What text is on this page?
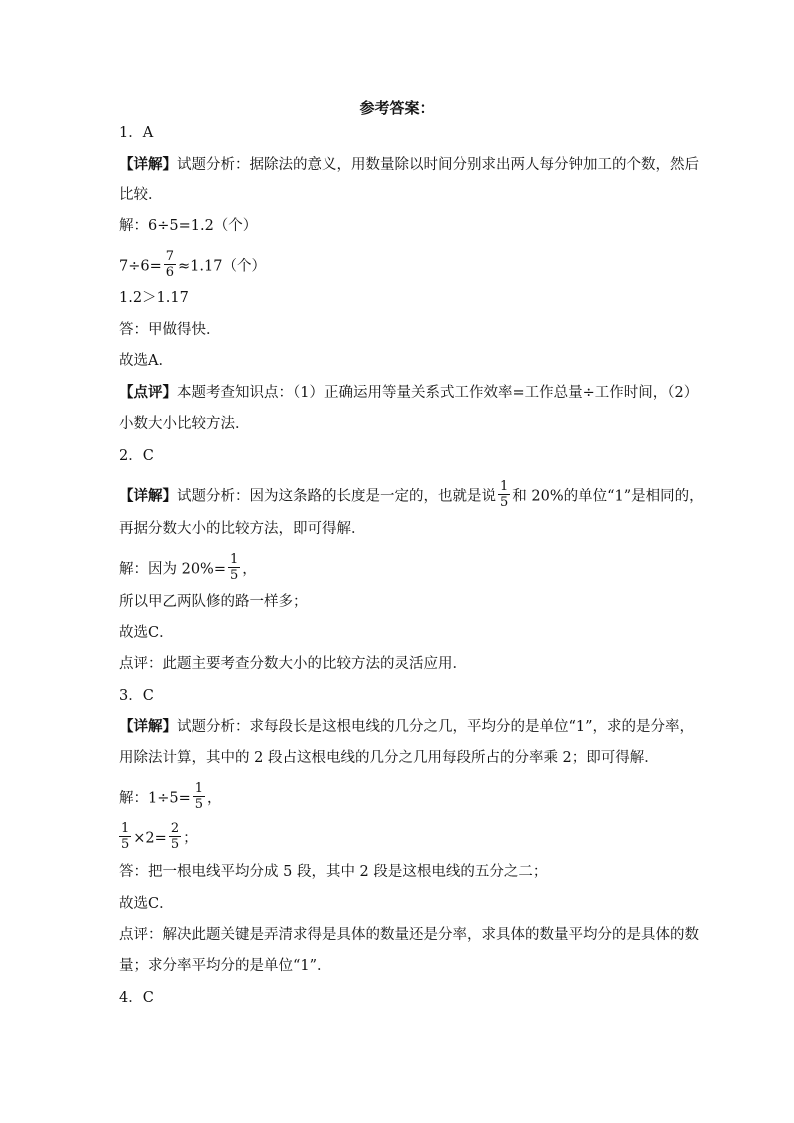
参考答案：
1．A
【详解】试题分析：据除法的意义，用数量除以时间分别求出两人每分钟加工的个数，然后
比较．
解：6÷5=1.2（个）
$7\div 6= \frac{7}{6} \approx 1.17$（个）
1.2＞1.17
答：甲做得快．
故选A．
【点评】本题考查知识点：（1）正确运用等量关系式工作效率=工作总量÷工作时间，（2）
小数大小比较方法．
2．C
【详解】试题分析：因为这条路的长度是一定的，也就是说 $\frac{1}{5}$ 和 20%的单位“1”是相同的，
再据分数大小的比较方法，即可得解．
解：因为 $20\%= \frac{1}{5}$ ，
所以甲乙两队修的路一样多；
故选C．
点评：此题主要考查分数大小的比较方法的灵活应用．
3．C
【详解】试题分析：求每段长是这根电线的几分之几，平均分的是单位“1”，求的是分率，
用除法计算，其中的 2 段占这根电线的几分之几用每段所占的分率乘 2；即可得解．
解：$1\div 5= \frac{1}{5}$ ，
$\frac{1}{5} \times 2= \frac{2}{5}$ ；
答：把一根电线平均分成 5 段，其中 2 段是这根电线的五分之二；
故选C．
点评：解决此题关键是弄清求得是具体的数量还是分率，求具体的数量平均分的是具体的数
量；求分率平均分的是单位“1”．
4．C
